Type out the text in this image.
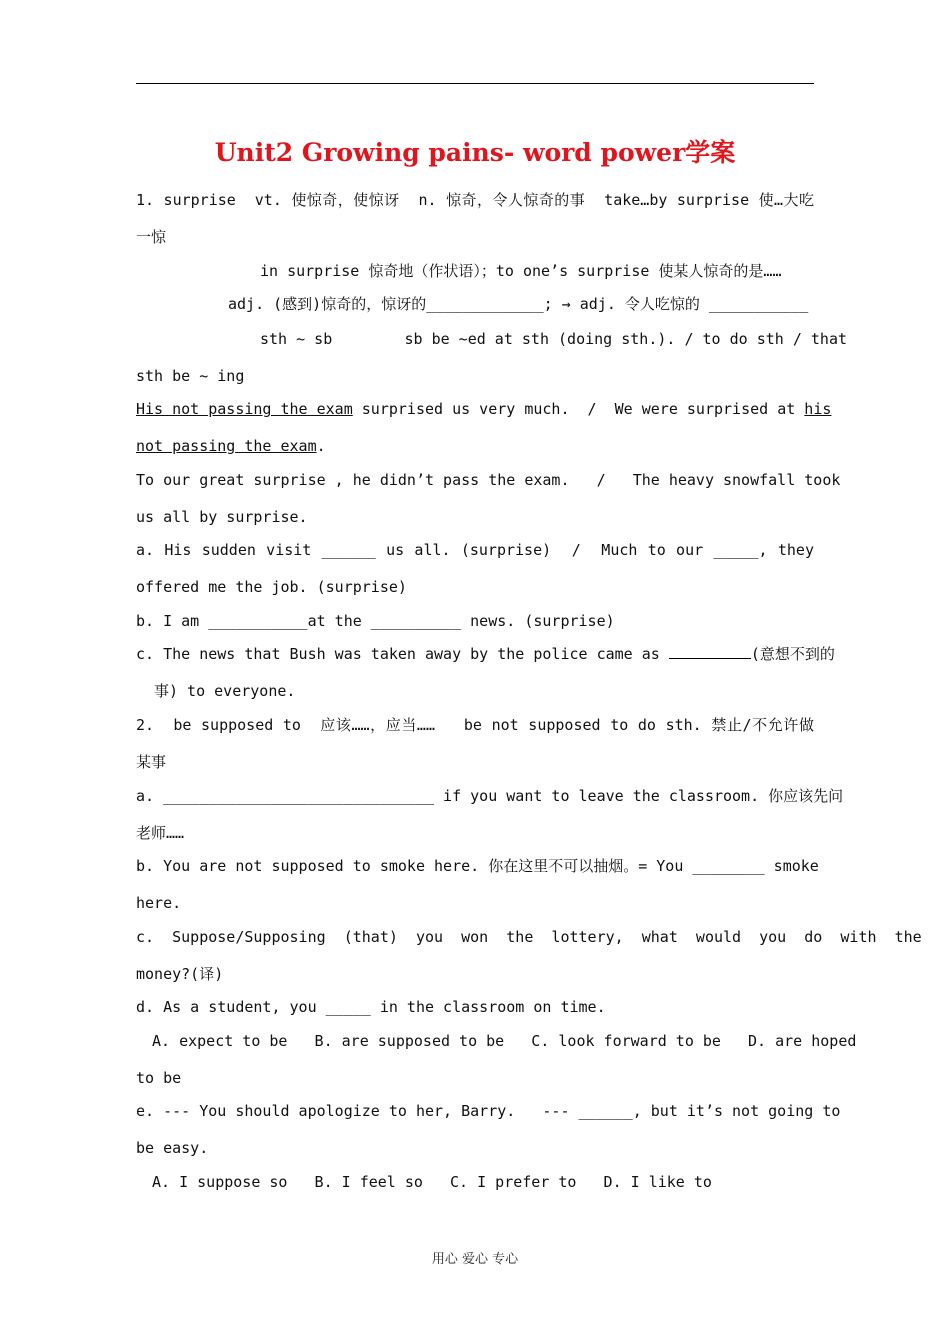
Unit2 Growing pains- word power学案
1. surprise  vt. 使惊奇，使惊讶  n. 惊奇，令人惊奇的事  take…by surprise 使…大吃
一惊
in surprise 惊奇地（作状语）；to one’s surprise 使某人惊奇的是……
adj. (感到)惊奇的，惊讶的_____________; → adj. 令人吃惊的 ___________
sth ~ sb        sb be ~ed at sth (doing sth.). / to do sth / that
sth be ~ ing
His not passing the exam surprised us very much.  /  We were surprised at his
not passing the exam.
To our great surprise , he didn’t pass the exam.   /   The heavy snowfall took
us all by surprise.
a. His sudden visit ______ us all. (surprise)  /  Much to our _____, they
offered me the job. (surprise)
b. I am ___________at the __________ news. (surprise)
c. The news that Bush was taken away by the police came as	(意想不到的
事) to everyone.
2.  be supposed to  应该……，应当……   be not supposed to do sth. 禁止/不允许做
某事
a. ______________________________ if you want to leave the classroom. 你应该先问
老师……
b. You are not supposed to smoke here. 你在这里不可以抽烟。= You ________ smoke
here.
c.  Suppose/Supposing  (that)  you  won  the  lottery,  what  would  you  do  with  the
money?(译)
d. As a student, you _____ in the classroom on time.
A. expect to be   B. are supposed to be   C. look forward to be   D. are hoped
to be
e. --- You should apologize to her, Barry.   --- ______, but it’s not going to
be easy.
A. I suppose so   B. I feel so   C. I prefer to   D. I like to
用心 爱心 专心
